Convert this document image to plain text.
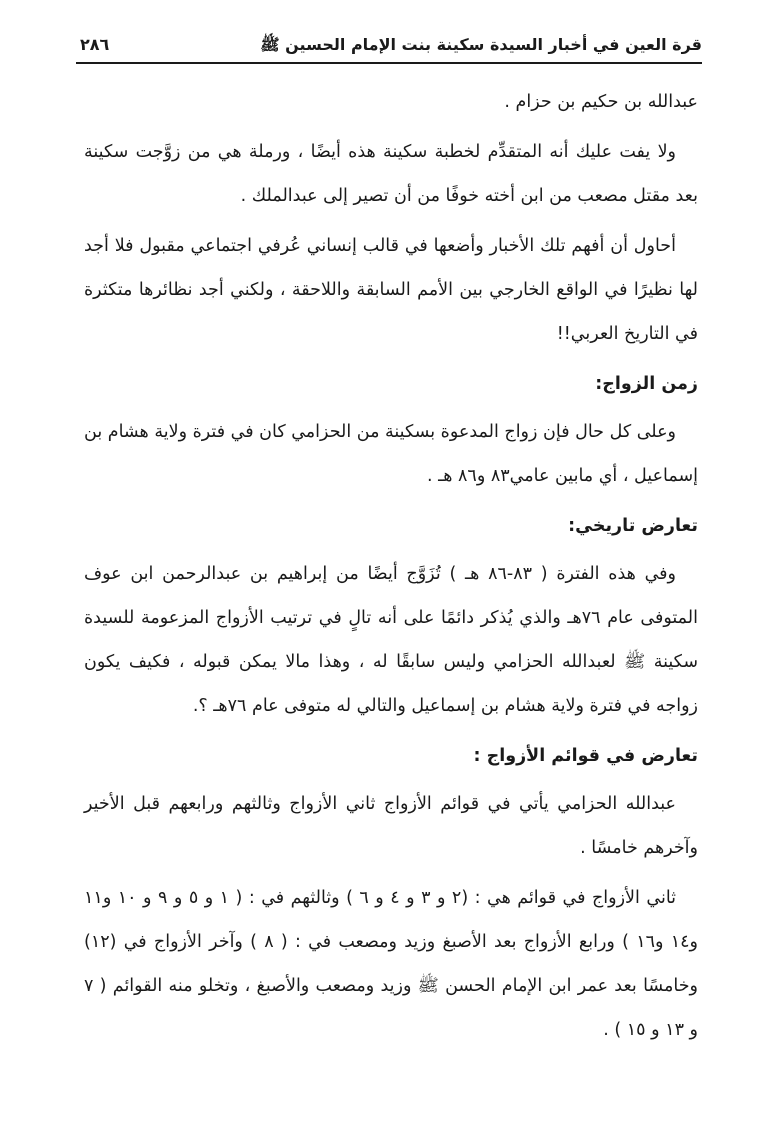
قرة العين في أخبار السيدة سكينة بنت الإمام الحسين ﷺ
٢٨٦

عبدالله بن حكيم بن حزام .

ولا يفت عليك أنه المتقدِّم لخطبة سكينة هذه أيضًا ، ورملة هي من زوَّجت سكينة بعد مقتل مصعب من ابن أخته خوفًا من أن تصير إلى عبدالملك .

أحاول أن أفهم تلك الأخبار وأضعها في قالب إنساني عُرفي اجتماعي مقبول فلا أجد لها نظيرًا في الواقع الخارجي بين الأمم السابقة واللاحقة ، ولكني أجد نظائرها متكثرة في التاريخ العربي!!

زمن الزواج:

وعلى كل حال فإن زواج المدعوة بسكينة من الحزامي كان في فترة ولاية هشام بن إسماعيل ، أي مابين عامي٨٣ و٨٦ هـ .

تعارض تاريخي:

وفي هذه الفترة ( ٨٣-٨٦ هـ ) تُزَوَّج أيضًا من إبراهيم بن عبدالرحمن ابن عوف المتوفى عام ٧٦هـ والذي يُذكر دائمًا على أنه تالٍ في ترتيب الأزواج المزعومة للسيدة سكينة ﷺ لعبدالله الحزامي وليس سابقًا له ، وهذا مالا يمكن قبوله ، فكيف يكون زواجه في فترة ولاية هشام بن إسماعيل والتالي له متوفى عام ٧٦هـ ؟.

تعارض في قوائم الأزواج :

عبدالله الحزامي يأتي في قوائم الأزواج ثاني الأزواج وثالثهم ورابعهم قبل الأخير وآخرهم خامسًا .

ثاني الأزواج في قوائم هي : (٢ و ٣ و ٤ و ٦ ) وثالثهم في : ( ١ و ٥ و ٩ و ١٠ و١١ و١٤ و١٦ ) ورابع الأزواج بعد الأصبغ وزيد ومصعب في : ( ٨ ) وآخر الأزواج في (١٢) وخامسًا بعد عمر ابن الإمام الحسن ﷺ وزيد ومصعب والأصبغ ، وتخلو منه القوائم ( ٧ و ١٣ و ١٥ ) .
